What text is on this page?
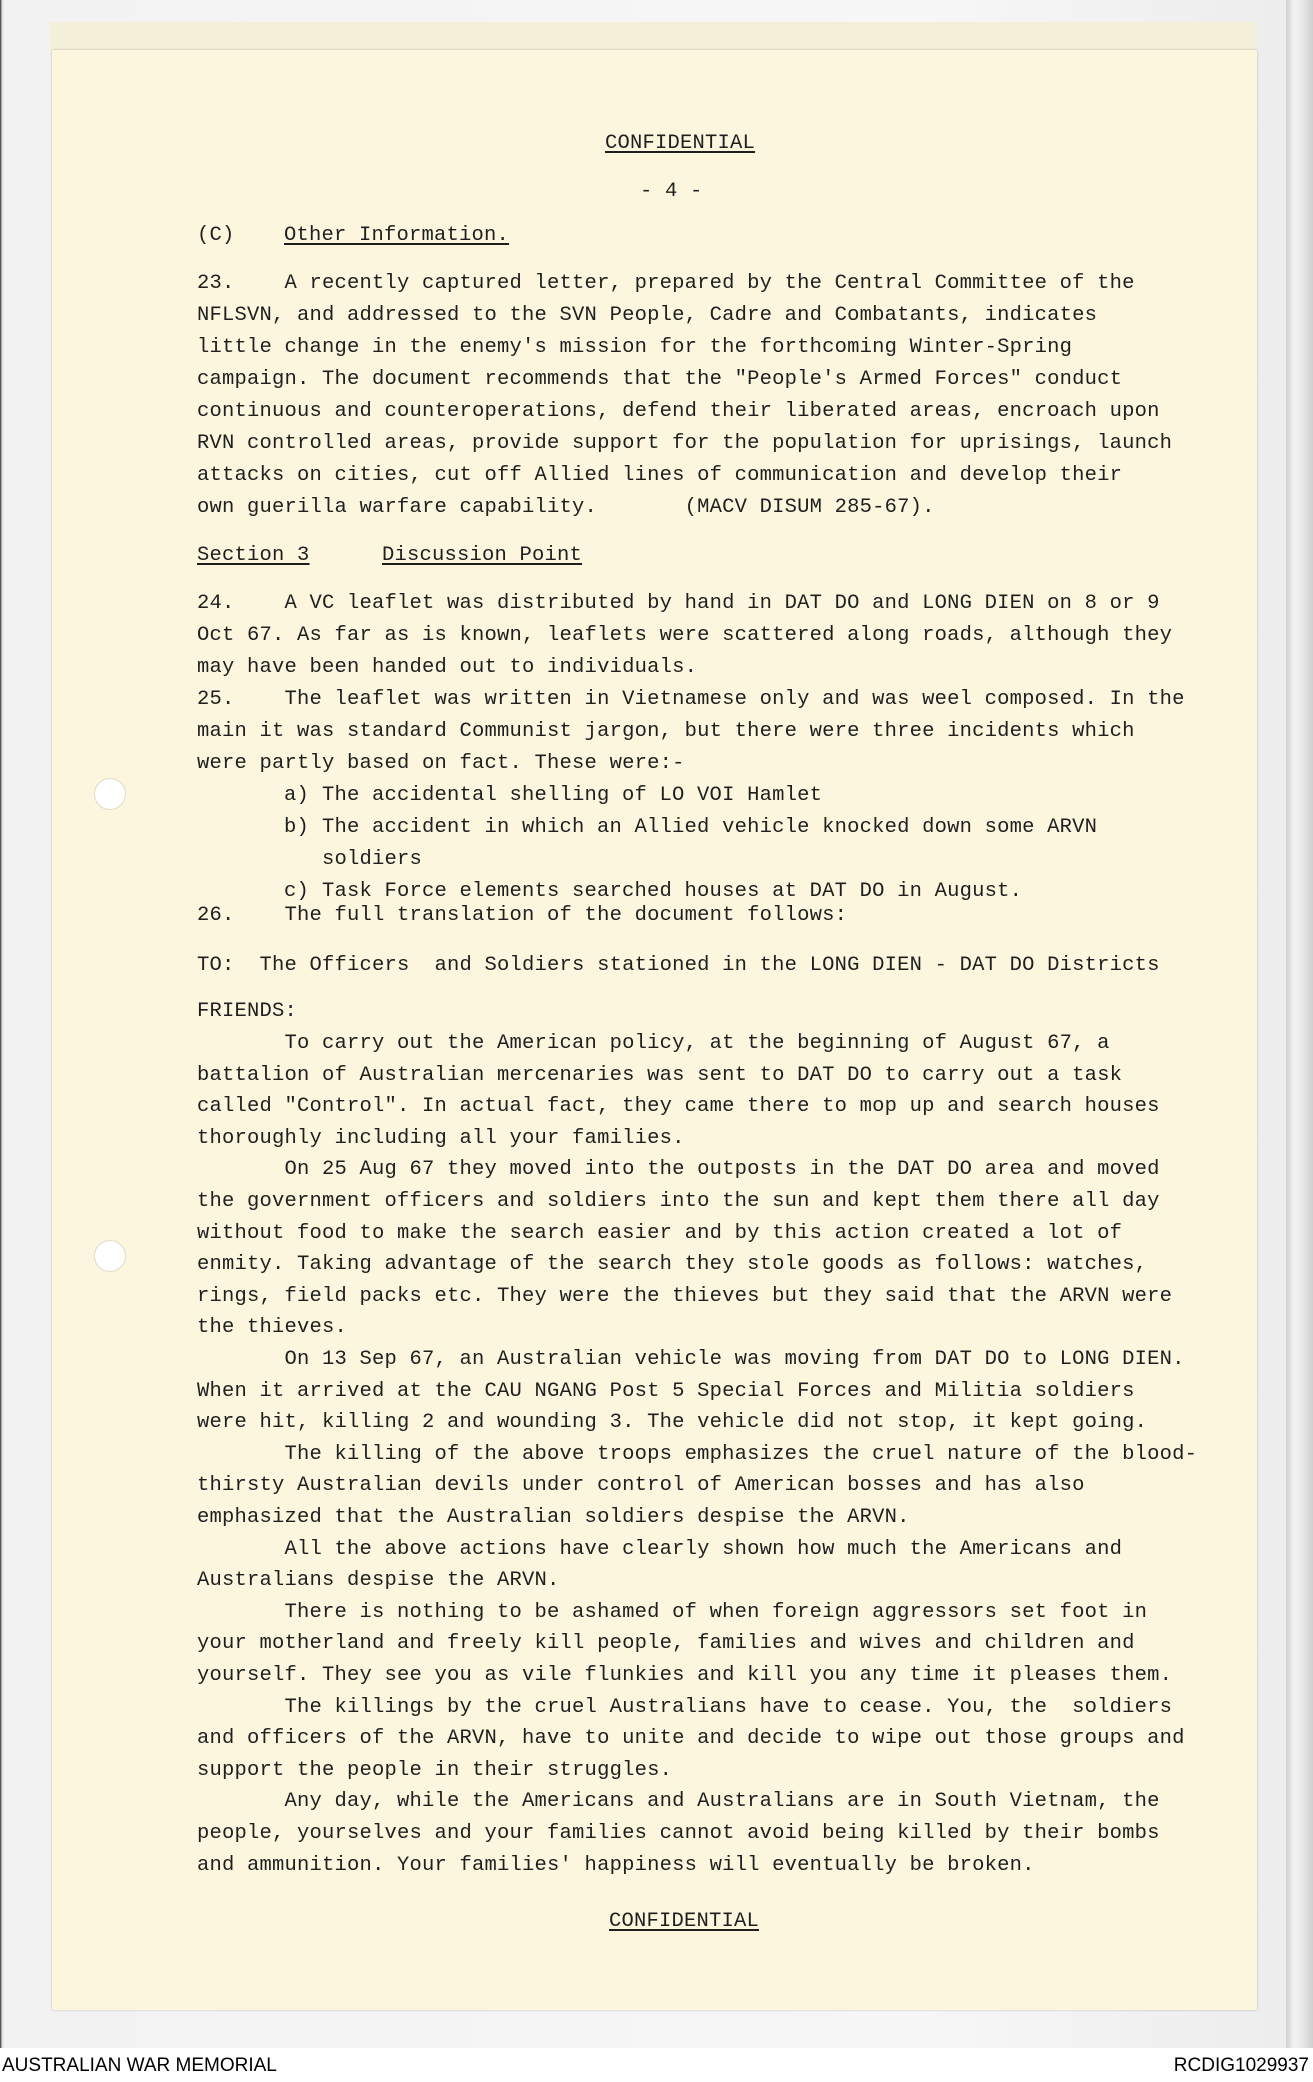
CONFIDENTIAL
- 4 -
(C) Other Information.
23.    A recently captured letter, prepared by the Central Committee of the
NFLSVN, and addressed to the SVN People, Cadre and Combatants, indicates
little change in the enemy's mission for the forthcoming Winter-Spring
campaign. The document recommends that the "People's Armed Forces" conduct
continuous and counteroperations, defend their liberated areas, encroach upon
RVN controlled areas, provide support for the population for uprisings, launch
attacks on cities, cut off Allied lines of communication and develop their
own guerilla warfare capability.       (MACV DISUM 285-67).
Section 3	Discussion Point
24.    A VC leaflet was distributed by hand in DAT DO and LONG DIEN on 8 or 9
Oct 67. As far as is known, leaflets were scattered along roads, although they
may have been handed out to individuals.
25.    The leaflet was written in Vietnamese only and was weel composed. In the
main it was standard Communist jargon, but there were three incidents which
were partly based on fact. These were:-
a) The accidental shelling of LO VOI Hamlet
b) The accident in which an Allied vehicle knocked down some ARVN
soldiers
c) Task Force elements searched houses at DAT DO in August.
26.    The full translation of the document follows:
TO:  The Officers  and Soldiers stationed in the LONG DIEN - DAT DO Districts
FRIENDS:
To carry out the American policy, at the beginning of August 67, a
battalion of Australian mercenaries was sent to DAT DO to carry out a task
called "Control". In actual fact, they came there to mop up and search houses
thoroughly including all your families.
On 25 Aug 67 they moved into the outposts in the DAT DO area and moved
the government officers and soldiers into the sun and kept them there all day
without food to make the search easier and by this action created a lot of
enmity. Taking advantage of the search they stole goods as follows: watches,
rings, field packs etc. They were the thieves but they said that the ARVN were
the thieves.
On 13 Sep 67, an Australian vehicle was moving from DAT DO to LONG DIEN.
When it arrived at the CAU NGANG Post 5 Special Forces and Militia soldiers
were hit, killing 2 and wounding 3. The vehicle did not stop, it kept going.
The killing of the above troops emphasizes the cruel nature of the blood-
thirsty Australian devils under control of American bosses and has also
emphasized that the Australian soldiers despise the ARVN.
All the above actions have clearly shown how much the Americans and
Australians despise the ARVN.
There is nothing to be ashamed of when foreign aggressors set foot in
your motherland and freely kill people, families and wives and children and
yourself. They see you as vile flunkies and kill you any time it pleases them.
The killings by the cruel Australians have to cease. You, the  soldiers
and officers of the ARVN, have to unite and decide to wipe out those groups and
support the people in their struggles.
Any day, while the Americans and Australians are in South Vietnam, the
people, yourselves and your families cannot avoid being killed by their bombs
and ammunition. Your families' happiness will eventually be broken.
CONFIDENTIAL
AUSTRALIAN WAR MEMORIAL	RCDIG1029937
